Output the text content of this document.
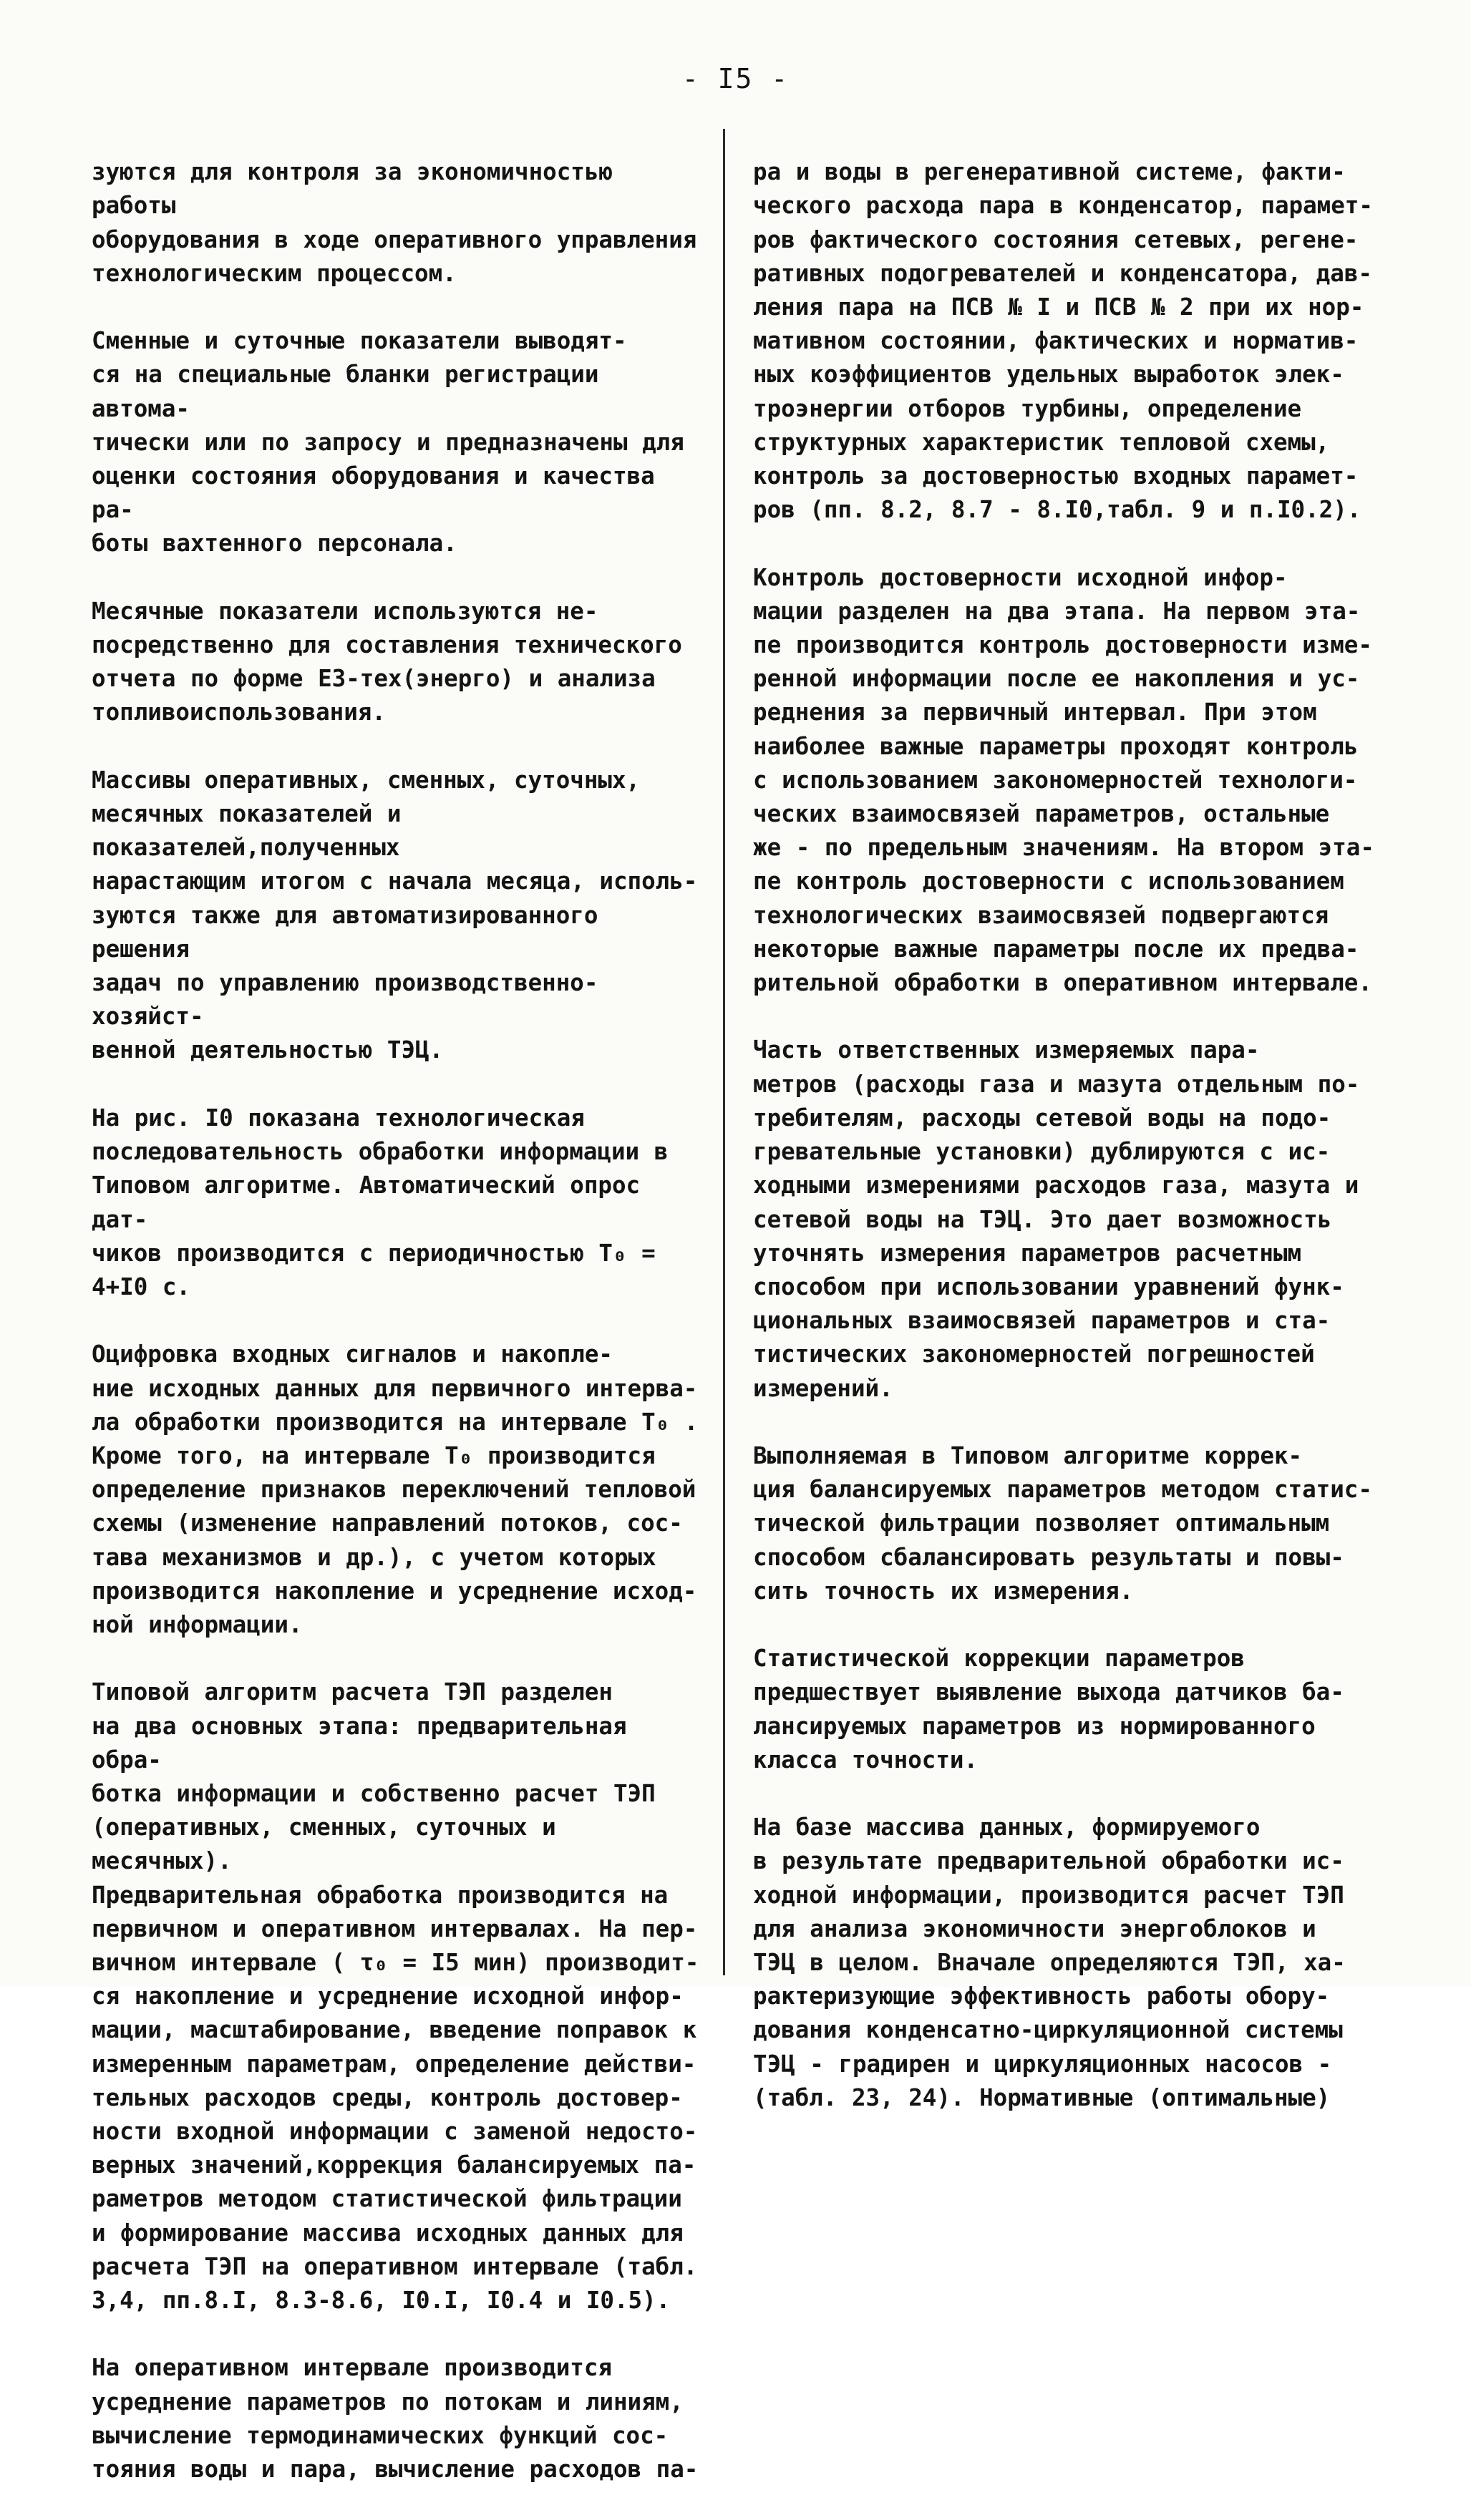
- I5 -

зуются для контроля за экономичностью работы
оборудования в ходе оперативного управления
технологическим процессом.

Сменные и суточные показатели выводят-
ся на специальные бланки регистрации автома-
тически или по запросу и предназначены для
оценки состояния оборудования и качества ра-
боты вахтенного персонала.

Месячные показатели используются не-
посредственно для составления технического
отчета по форме ЕЗ-тех(энерго) и анализа
топливоиспользования.

Массивы оперативных, сменных, суточных,
месячных показателей и показателей,полученных
нарастающим итогом с начала месяца, исполь-
зуются также для автоматизированного решения
задач по управлению производственно-хозяйст-
венной деятельностью ТЭЦ.

На рис. I0 показана технологическая
последовательность обработки информации в
Типовом алгоритме. Автоматический опрос дат-
чиков производится с периодичностью Т₀ =
4+I0 с.

Оцифровка входных сигналов и накопле-
ние исходных данных для первичного интерва-
ла обработки производится на интервале Т₀ .
Кроме того, на интервале Т₀ производится
определение признаков переключений тепловой
схемы (изменение направлений потоков, сос-
тава механизмов и др.), с учетом которых
производится накопление и усреднение исход-
ной информации.

Типовой алгоритм расчета ТЭП разделен
на два основных этапа: предварительная обра-
ботка информации и собственно расчет ТЭП
(оперативных, сменных, суточных и месячных).
Предварительная обработка производится на
первичном и оперативном интервалах. На пер-
вичном интервале ( τ₀ = I5 мин) производит-
ся накопление и усреднение исходной инфор-
мации, масштабирование, введение поправок к
измеренным параметрам, определение действи-
тельных расходов среды, контроль достовер-
ности входной информации с заменой недосто-
верных значений,коррекция балансируемых па-
раметров методом статистической фильтрации
и формирование массива исходных данных для
расчета ТЭП на оперативном интервале (табл.
3,4, пп.8.I, 8.3-8.6, I0.I, I0.4 и I0.5).

На оперативном интервале производится
усреднение параметров по потокам и линиям,
вычисление термодинамических функций сос-
тояния воды и пара, вычисление расходов па-

ра и воды в регенеративной системе, факти-
ческого расхода пара в конденсатор, парамет-
ров фактического состояния сетевых, регене-
ративных подогревателей и конденсатора, дав-
ления пара на ПСВ № I и ПСВ № 2 при их нор-
мативном состоянии, фактических и норматив-
ных коэффициентов удельных выработок элек-
троэнергии отборов турбины, определение
структурных характеристик тепловой схемы,
контроль за достоверностью входных парамет-
ров (пп. 8.2, 8.7 - 8.I0,табл. 9 и п.I0.2).

Контроль достоверности исходной инфор-
мации разделен на два этапа. На первом эта-
пе производится контроль достоверности изме-
ренной информации после ее накопления и ус-
реднения за первичный интервал. При этом
наиболее важные параметры проходят контроль
с использованием закономерностей технологи-
ческих взаимосвязей параметров, остальные
же - по предельным значениям. На втором эта-
пе контроль достоверности с использованием
технологических взаимосвязей подвергаются
некоторые важные параметры после их предва-
рительной обработки в оперативном интервале.

Часть ответственных измеряемых пара-
метров (расходы газа и мазута отдельным по-
требителям, расходы сетевой воды на подо-
гревательные установки) дублируются с ис-
ходными измерениями расходов газа, мазута и
сетевой воды на ТЭЦ. Это дает возможность
уточнять измерения параметров расчетным
способом при использовании уравнений функ-
циональных взаимосвязей параметров и ста-
тистических закономерностей погрешностей
измерений.

Выполняемая в Типовом алгоритме коррек-
ция балансируемых параметров методом статис-
тической фильтрации позволяет оптимальным
способом сбалансировать результаты и повы-
сить точность их измерения.

Статистической коррекции параметров
предшествует выявление выхода датчиков ба-
лансируемых параметров из нормированного
класса точности.

На базе массива данных, формируемого
в результате предварительной обработки ис-
ходной информации, производится расчет ТЭП
для анализа экономичности энергоблоков и
ТЭЦ в целом. Вначале определяются ТЭП, ха-
рактеризующие эффективность работы обору-
дования конденсатно-циркуляционной системы
ТЭЦ - градирен и циркуляционных насосов -
(табл. 23, 24). Нормативные (оптимальные)
